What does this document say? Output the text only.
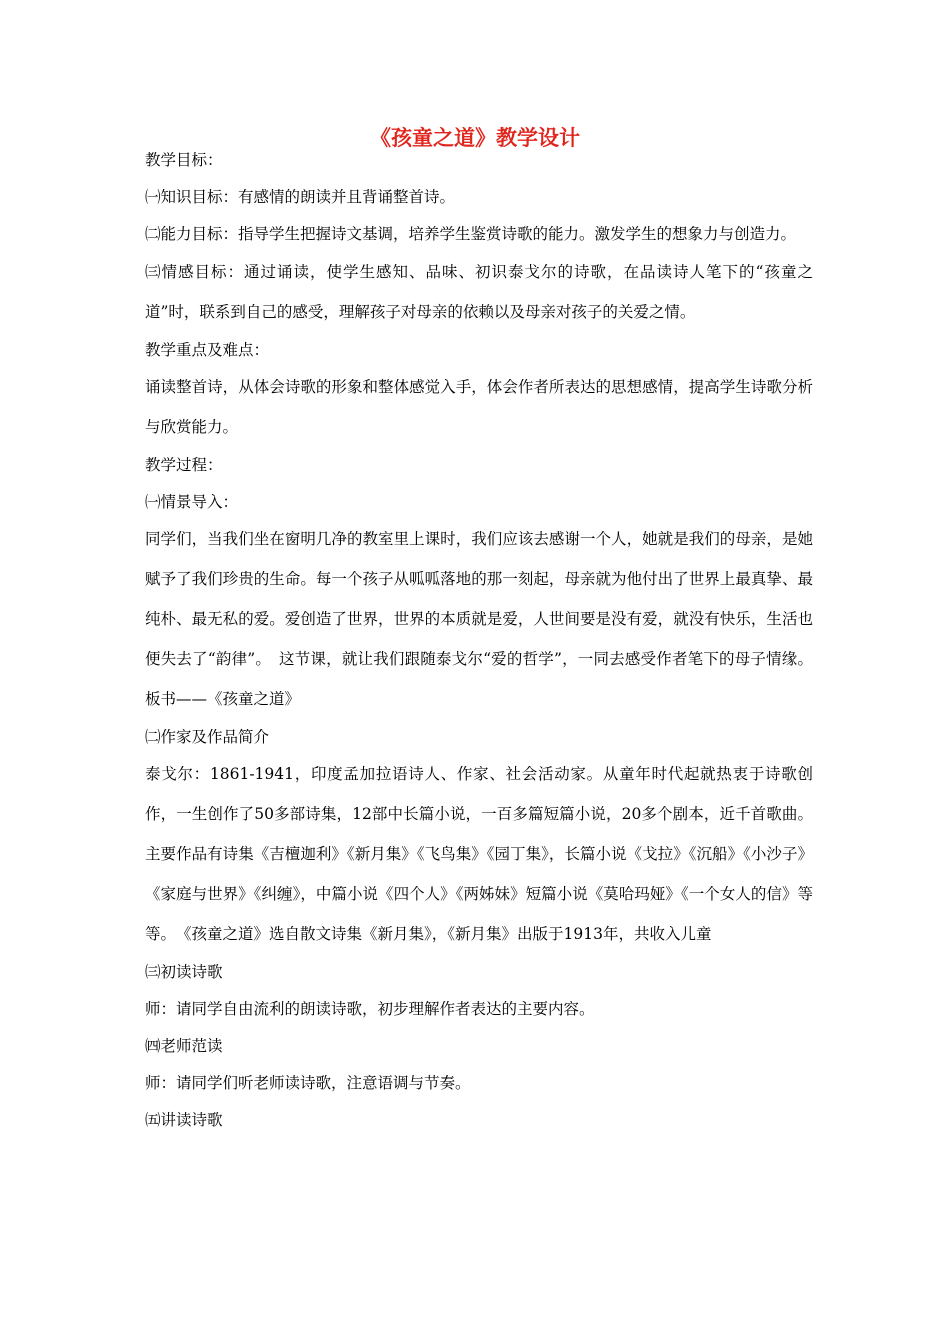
《孩童之道》教学设计

教学目标：

㈠知识目标：有感情的朗读并且背诵整首诗。

㈡能力目标：指导学生把握诗文基调，培养学生鉴赏诗歌的能力。激发学生的想象力与创造力。

㈢情感目标：通过诵读，使学生感知、品味、初识泰戈尔的诗歌，在品读诗人笔下的“孩童之道”时，联系到自己的感受，理解孩子对母亲的依赖以及母亲对孩子的关爱之情。

教学重点及难点：

诵读整首诗，从体会诗歌的形象和整体感觉入手，体会作者所表达的思想感情，提高学生诗歌分析与欣赏能力。

教学过程：

㈠情景导入：

同学们，当我们坐在窗明几净的教室里上课时，我们应该去感谢一个人，她就是我们的母亲，是她赋予了我们珍贵的生命。每一个孩子从呱呱落地的那一刻起，母亲就为他付出了世界上最真挚、最纯朴、最无私的爱。爱创造了世界，世界的本质就是爱，人世间要是没有爱，就没有快乐，生活也便失去了“韵律”。　这节课，就让我们跟随泰戈尔“爱的哲学”，一同去感受作者笔下的母子情缘。板书——《孩童之道》

㈡作家及作品简介

泰戈尔：1861-1941，印度孟加拉语诗人、作家、社会活动家。从童年时代起就热衷于诗歌创作，一生创作了50多部诗集，12部中长篇小说，一百多篇短篇小说，20多个剧本，近千首歌曲。主要作品有诗集《吉檀迦利》《新月集》《飞鸟集》《园丁集》，长篇小说《戈拉》《沉船》《小沙子》《家庭与世界》《纠缠》，中篇小说《四个人》《两姊妹》短篇小说《莫哈玛娅》《一个女人的信》等等。　《孩童之道》选自散文诗集《新月集》，《新月集》出版于1913年，共收入儿童

㈢初读诗歌

师：请同学自由流利的朗读诗歌，初步理解作者表达的主要内容。

㈣老师范读

师：请同学们听老师读诗歌，注意语调与节奏。

㈤讲读诗歌
